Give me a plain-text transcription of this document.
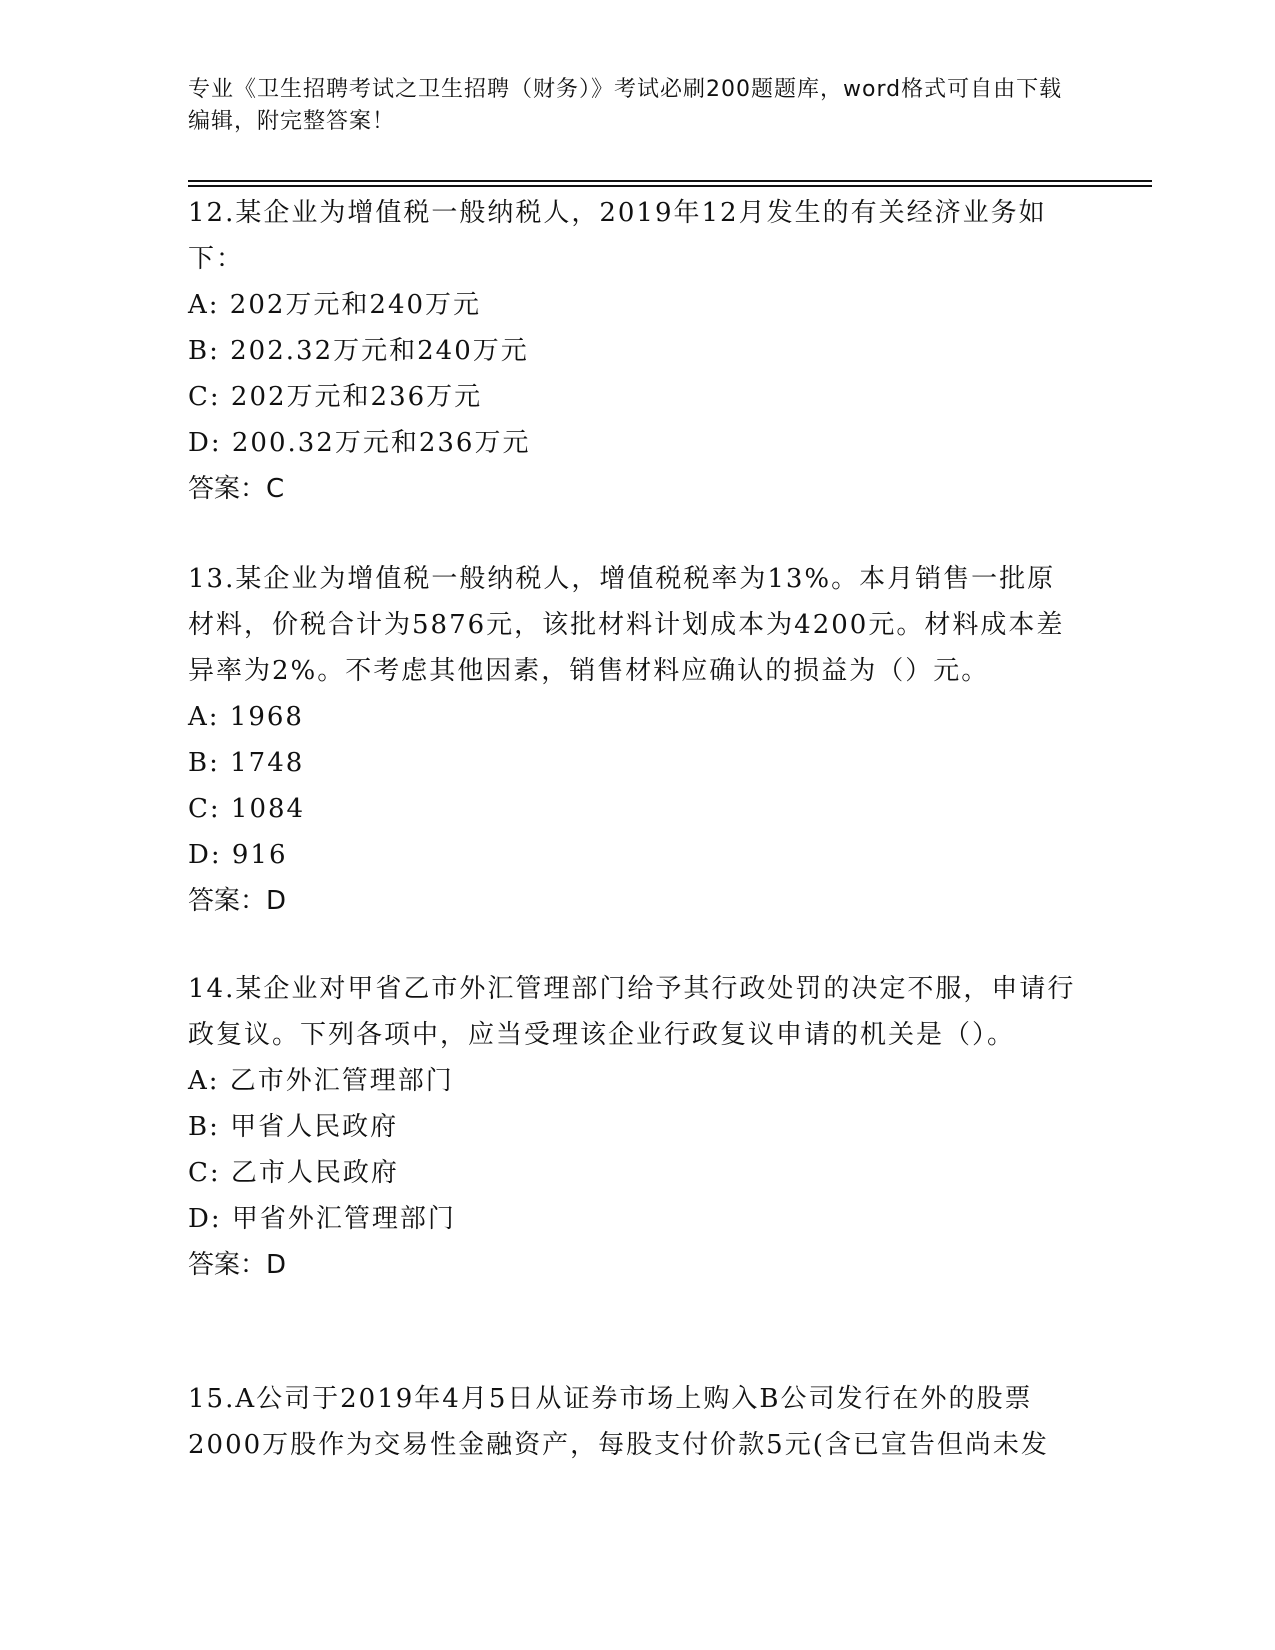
专业《卫生招聘考试之卫生招聘（财务）》考试必刷200题题库，word格式可自由下载编辑，附完整答案！
12.某企业为增值税一般纳税人，2019年12月发生的有关经济业务如下：
A: 202万元和240万元
B: 202.32万元和240万元
C: 202万元和236万元
D: 200.32万元和236万元
答案：C
13.某企业为增值税一般纳税人，增值税税率为13%。本月销售一批原材料，价税合计为5876元，该批材料计划成本为4200元。材料成本差异率为2%。不考虑其他因素，销售材料应确认的损益为（）元。
A: 1968
B: 1748
C: 1084
D: 916
答案：D
14.某企业对甲省乙市外汇管理部门给予其行政处罚的决定不服，申请行政复议。下列各项中，应当受理该企业行政复议申请的机关是（）。
A: 乙市外汇管理部门
B: 甲省人民政府
C: 乙市人民政府
D: 甲省外汇管理部门
答案：D
15.A公司于2019年4月5日从证券市场上购入B公司发行在外的股票2000万股作为交易性金融资产，每股支付价款5元(含已宣告但尚未发
